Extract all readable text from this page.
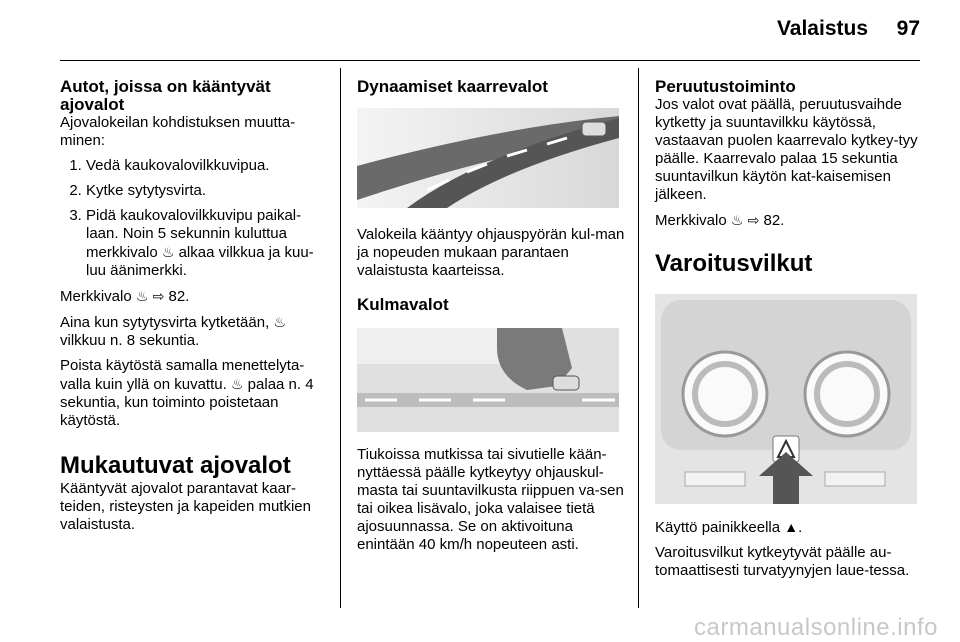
Valaistus 97
Autot, joissa on kääntyvät ajovalot

Ajovalokeilan kohdistuksen muutta-minen:

1. Vedä kaukovalovilkkuvipua.
2. Kytke sytytysvirta.
3. Pidä kaukovalovilkkuvipu paikal-laan. Noin 5 sekunnin kuluttua merkkivalo ♨ alkaa vilkkua ja kuu-luu äänimerkki.

Merkkivalo ♨ ⇨ 82.

Aina kun sytytysvirta kytketään, ♨
vilkkuu n. 8 sekuntia.

Poista käytöstä samalla menettelyta-valla kuin yllä on kuvattu. ♨ palaa n. 4 sekuntia, kun toiminto poistetaan käytöstä.

Mukautuvat ajovalot

Kääntyvät ajovalot parantavat kaar-teiden, risteysten ja kapeiden mutkien valaistusta.

Dynaamiset kaarrevalot

Valokeila kääntyy ohjauspyörän kul-man ja nopeuden mukaan parantaen valaistusta kaarteissa.

Kulmavalot

Tiukoissa mutkissa tai sivutielle kään-nyttäessä päälle kytkeytyy ohjauskul-masta tai suuntavilkusta riippuen va-sen tai oikea lisävalo, joka valaisee tietä ajosuunnassa. Se on aktivoituna enintään 40 km/h nopeuteen asti.

Peruutustoiminto

Jos valot ovat päällä, peruutusvaihde kytketty ja suuntavilkku käytössä, vastaavan puolen kaarrevalo kytkey-tyy päälle. Kaarrevalo palaa 15 sekuntia suuntavilkun käytön kat-kaisemisen jälkeen.

Merkkivalo ♨ ⇨ 82.

Varoitusvilkut

Käyttö painikkeella ▲.

Varoitusvilkut kytkeytyvät päälle au-tomaattisesti turvatyynyjen laue-tessa.

carmanualsonline.info
